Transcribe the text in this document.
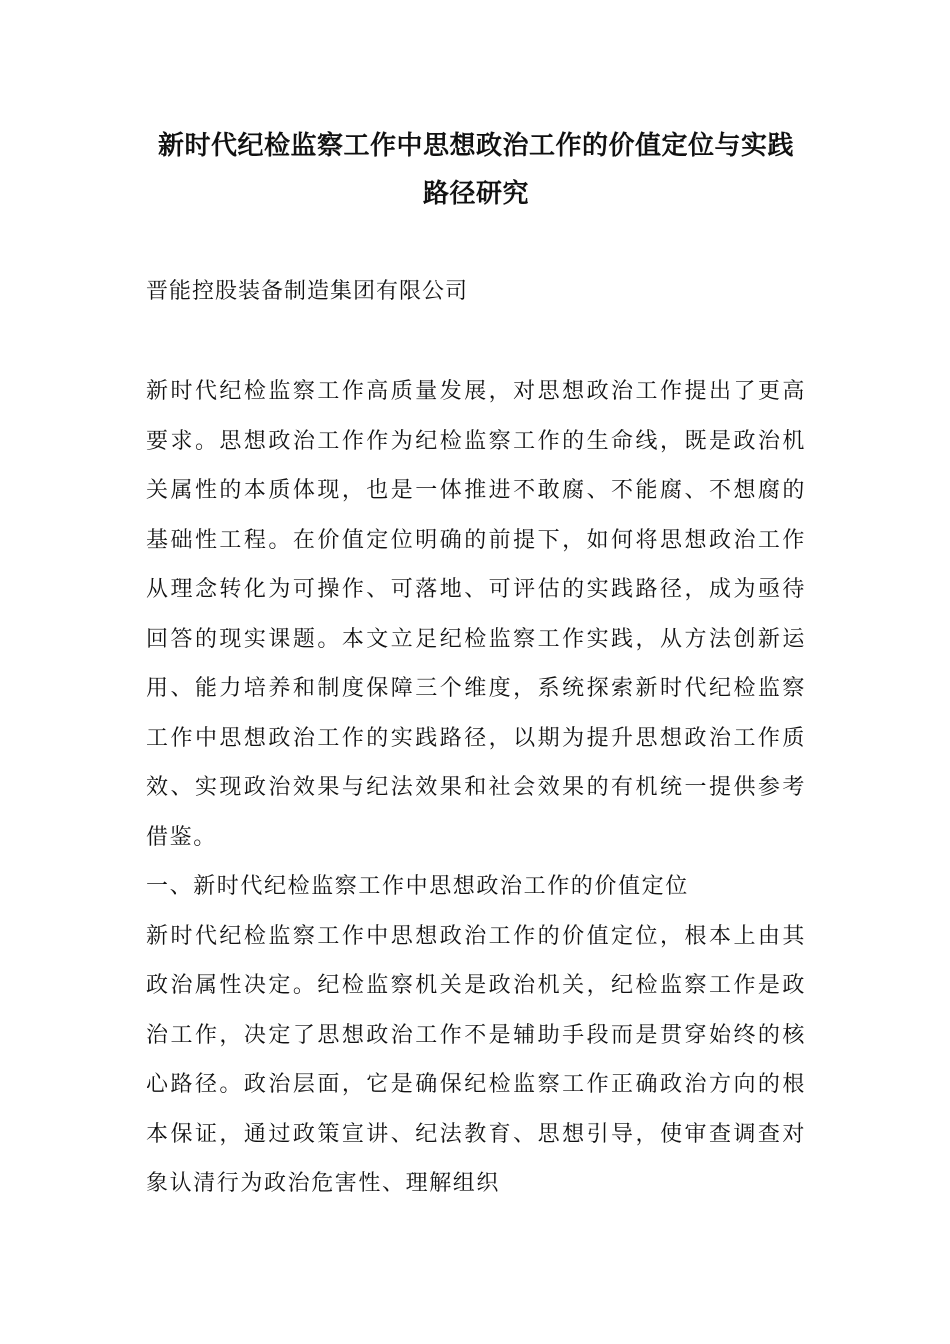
新时代纪检监察工作中思想政治工作的价值定位与实践路径研究

晋能控股装备制造集团有限公司

新时代纪检监察工作高质量发展，对思想政治工作提出了更高要求。思想政治工作作为纪检监察工作的生命线，既是政治机关属性的本质体现，也是一体推进不敢腐、不能腐、不想腐的基础性工程。在价值定位明确的前提下，如何将思想政治工作从理念转化为可操作、可落地、可评估的实践路径，成为亟待回答的现实课题。本文立足纪检监察工作实践，从方法创新运用、能力培养和制度保障三个维度，系统探索新时代纪检监察工作中思想政治工作的实践路径，以期为提升思想政治工作质效、实现政治效果与纪法效果和社会效果的有机统一提供参考借鉴。

一、新时代纪检监察工作中思想政治工作的价值定位

新时代纪检监察工作中思想政治工作的价值定位，根本上由其政治属性决定。纪检监察机关是政治机关，纪检监察工作是政治工作，决定了思想政治工作不是辅助手段而是贯穿始终的核心路径。政治层面，它是确保纪检监察工作正确政治方向的根本保证，通过政策宣讲、纪法教育、思想引导，使审查调查对象认清行为政治危害性、理解组织
